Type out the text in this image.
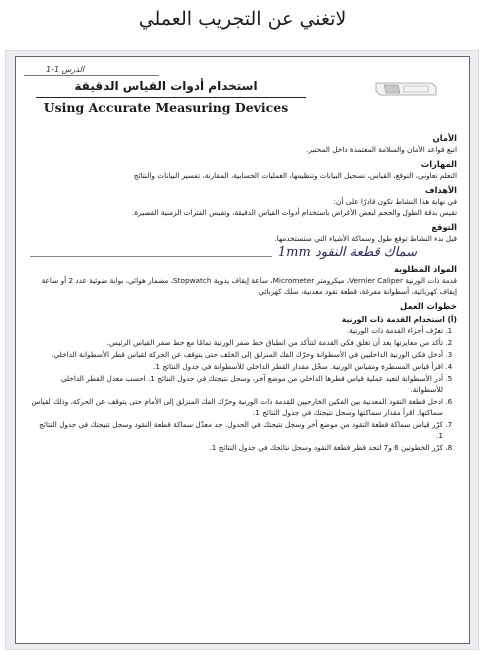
لاتغني عن التجريب العملي
الدرس 1-1
استخدام أدوات القياس الدقيقة
Using Accurate Measuring Devices
الأمان

اتبع قواعد الأمان والسلامة المعتمدة داخل المختبر.

المهارات

التعلم تعاوني، التوقع، القياس، تسجيل البيانات وتنظيمها، العمليات الحسابية، المقارنة، تفسير البيانات والنتائج

الأهداف

في نهاية هذا النشاط تكون قادرًا على أن:

تقيس بدقة الطول والحجم لبعض الأغراض باستخدام أدوات القياس الدقيقة، وتقيس الفترات الزمنية القصيرة.

التوقع

قبل بدء النشاط توقع طول وسماكة الأشياء التي ستستخدمها.

سماك قطعة النقود 1mm
المواد المطلوبة

قدمة ذات الورنية Vernier Caliper، ميكرومتر Micrometer، ساعة إيقاف يدوية Stopwatch، مضمار هوائي، بوابة ضوئية عدد 2 أو ساعة إيقاف كهربائية، أسطوانة مفرغة، قطعة نقود معدنية، سلك كهربائي

خطوات العمل
(أ) استخدام القدمة ذات الورنية
1. تعرّف أجزاء القدمة ذات الورنية.
2. تأكد من معايرتها بعد أن تغلق فكي القدمة لتتأكد من انطباق خط صفر الورنية تمامًا مع خط صفر القياس الرئيس.
3. أدخل فكي الورنية الداخليين في الأسطوانة وحرّك الفك المنزلق إلى الخلف حتى يتوقف عن الحركة لقياس قطر الأسطوانة الداخلي.
4. اقرأ قياس المسطرة ومقياس الورنية. سجّل مقدار القطر الداخلي للأسطوانة في جدول النتائج 1.
5. أدر الأسطوانة لتعيد عملية قياس قطرها الداخلي من موضع آخر، وسجل نتيجتك في جدول النتائج 1. احسب معدل القطر الداخلي للأسطوانة.
6. ادخل قطعة النقود المعدنية بين الفكين الخارجيين للقدمة ذات الورنية وحرّك الفك المنزلق إلى الأمام حتى يتوقف عن الحركة، وذلك لقياس سماكتها. اقرأ مقدار سماكتها وسجل نتيجتك في جدول النتائج 1.
7. كرّر قياس سماكة قطعة النقود من موضع آخر وسجل نتيجتك في الجدول. جد معدّل سماكة قطعة النقود وسجل نتيجتك في جدول النتائج 1.
8. كرّر الخطوتين 6 و7 لتجد قطر قطعة النقود وسجل نتائجك في جدول النتائج 1.
